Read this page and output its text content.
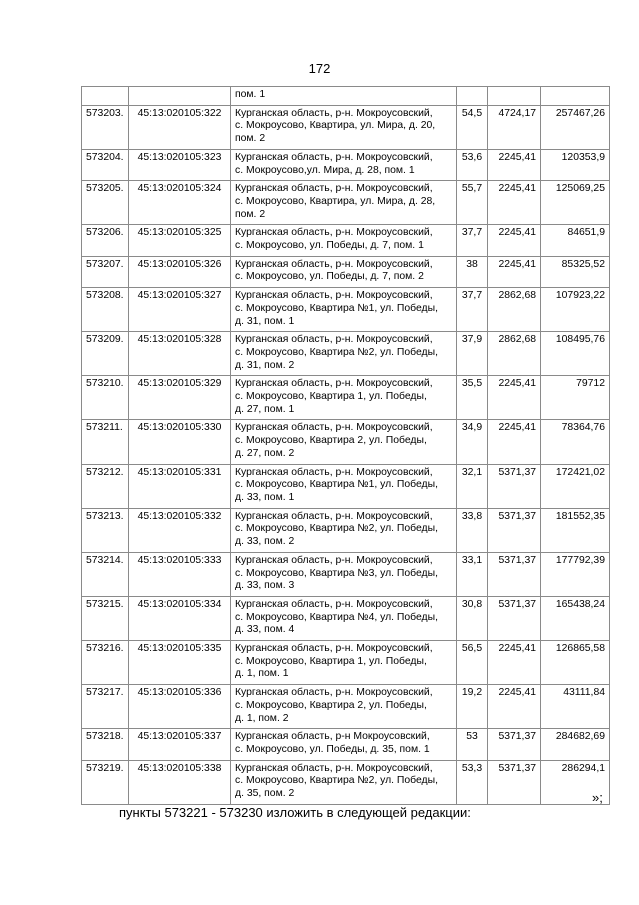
172
		пом. 1			
573203.	45:13:020105:322	Курганская область, р-н. Мокроусовский,
с. Мокроусово, Квартира, ул. Мира, д. 20,
пом. 2	54,5	4724,17	257467,26
573204.	45:13:020105:323	Курганская область, р-н. Мокроусовский,
с. Мокроусово,ул. Мира, д. 28, пом. 1	53,6	2245,41	120353,9
573205.	45:13:020105:324	Курганская область, р-н. Мокроусовский,
с. Мокроусово, Квартира, ул. Мира, д. 28,
пом. 2	55,7	2245,41	125069,25
573206.	45:13:020105:325	Курганская область, р-н. Мокроусовский,
с. Мокроусово, ул. Победы, д. 7, пом. 1	37,7	2245,41	84651,9
573207.	45:13:020105:326	Курганская область, р-н. Мокроусовский,
с. Мокроусово, ул. Победы, д. 7, пом. 2	38	2245,41	85325,52
573208.	45:13:020105:327	Курганская область, р-н. Мокроусовский,
с. Мокроусово, Квартира №1, ул. Победы,
д. 31, пом. 1	37,7	2862,68	107923,22
573209.	45:13:020105:328	Курганская область, р-н. Мокроусовский,
с. Мокроусово, Квартира №2, ул. Победы,
д. 31, пом. 2	37,9	2862,68	108495,76
573210.	45:13:020105:329	Курганская область, р-н. Мокроусовский,
с. Мокроусово, Квартира 1, ул. Победы,
д. 27, пом. 1	35,5	2245,41	79712
573211.	45:13:020105:330	Курганская область, р-н. Мокроусовский,
с. Мокроусово, Квартира 2, ул. Победы,
д. 27, пом. 2	34,9	2245,41	78364,76
573212.	45:13:020105:331	Курганская область, р-н. Мокроусовский,
с. Мокроусово, Квартира №1, ул. Победы,
д. 33, пом. 1	32,1	5371,37	172421,02
573213.	45:13:020105:332	Курганская область, р-н. Мокроусовский,
с. Мокроусово, Квартира №2, ул. Победы,
д. 33, пом. 2	33,8	5371,37	181552,35
573214.	45:13:020105:333	Курганская область, р-н. Мокроусовский,
с. Мокроусово, Квартира №3, ул. Победы,
д. 33, пом. 3	33,1	5371,37	177792,39
573215.	45:13:020105:334	Курганская область, р-н. Мокроусовский,
с. Мокроусово, Квартира №4, ул. Победы,
д. 33, пом. 4	30,8	5371,37	165438,24
573216.	45:13:020105:335	Курганская область, р-н. Мокроусовский,
с. Мокроусово, Квартира 1, ул. Победы,
д. 1, пом. 1	56,5	2245,41	126865,58
573217.	45:13:020105:336	Курганская область, р-н. Мокроусовский,
с. Мокроусово, Квартира 2, ул. Победы,
д. 1, пом. 2	19,2	2245,41	43111,84
573218.	45:13:020105:337	Курганская область, р-н Мокроусовский,
с. Мокроусово, ул. Победы, д. 35, пом. 1	53	5371,37	284682,69
573219.	45:13:020105:338	Курганская область, р-н. Мокроусовский,
с. Мокроусово, Квартира №2, ул. Победы,
д. 35, пом. 2	53,3	5371,37	286294,1
»;
пункты 573221 - 573230 изложить в следующей редакции:
